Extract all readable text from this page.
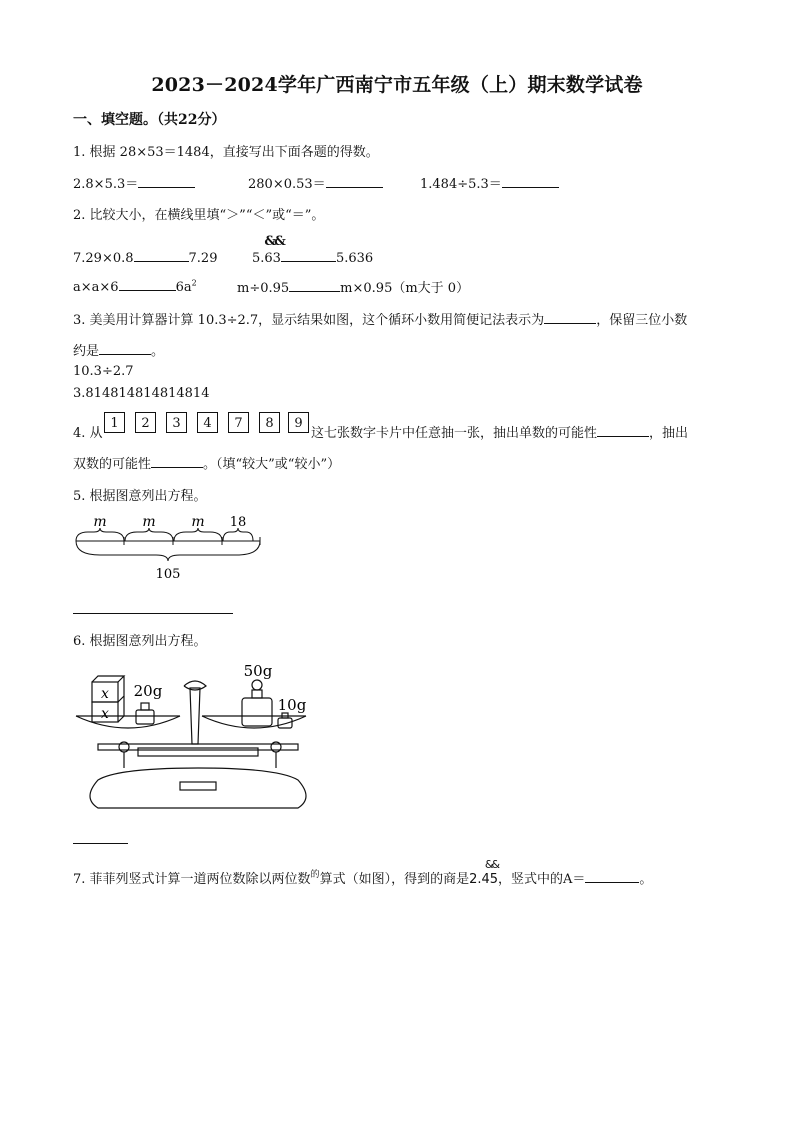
2023－2024学年广西南宁市五年级（上）期末数学试卷
一、填空题。（共22分）
1. 根据 28×53＝1484，直接写出下面各题的得数。
2.8×5.3＝	280×0.53＝	1.484÷5.3＝
2. 比较大小，在横线里填“＞”“＜”或“＝”。
7.29×0.8	7.29	5.
&&
63	5.636
a×a×6	$6a^2$	m÷0.95	m×0.95（m大于 0）
3. 美美用计算器计算 10.3÷2.7，显示结果如图，这个循环小数用简便记法表示为	，保留三位小数
约是	。
10.3÷2.7
3.814814814814814
4. 从
1	2	3	4	7	8	9
这七张数字卡片中任意抽一张，抽出单数的可能性	，抽出
双数的可能性	。（填“较大”或“较小”）
5. 根据图意列出方程。
m	m	m 18
105
6. 根据图意列出方程。
x
x
20g
50g
10g
7. 菲菲列竖式计算一道两位数除以两位数$^的$算式（如图），得到的商是
&&
2.45，竖式中的A＝	。
